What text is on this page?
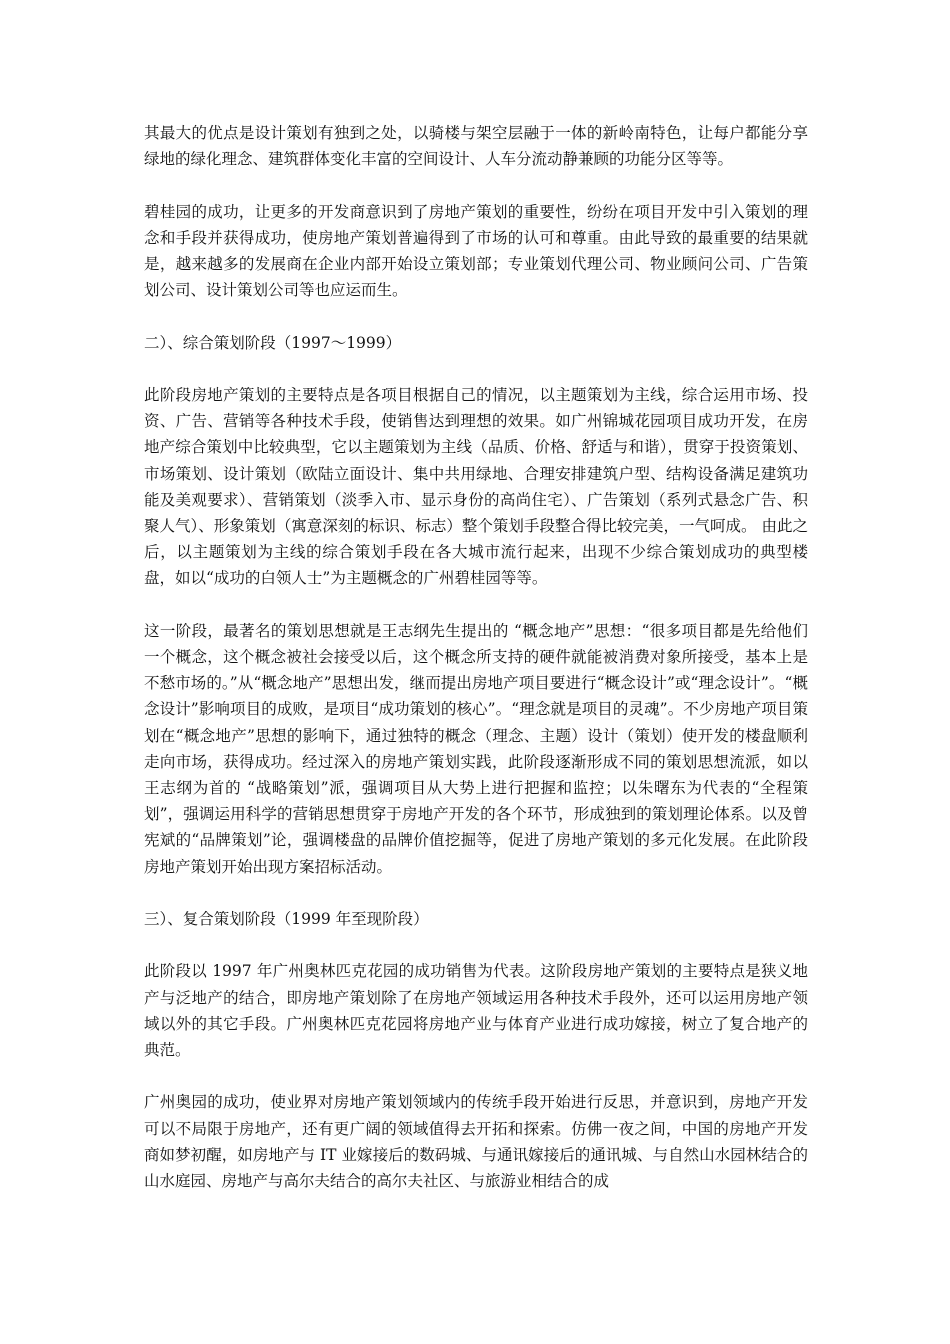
其最大的优点是设计策划有独到之处，以骑楼与架空层融于一体的新岭南特色，让每户都能分享绿地的绿化理念、建筑群体变化丰富的空间设计、人车分流动静兼顾的功能分区等等。

碧桂园的成功，让更多的开发商意识到了房地产策划的重要性，纷纷在项目开发中引入策划的理念和手段并获得成功，使房地产策划普遍得到了市场的认可和尊重。由此导致的最重要的结果就是，越来越多的发展商在企业内部开始设立策划部；专业策划代理公司、物业顾问公司、广告策划公司、设计策划公司等也应运而生。

二）、综合策划阶段（1997～1999）

此阶段房地产策划的主要特点是各项目根据自己的情况，以主题策划为主线，综合运用市场、投资、广告、营销等各种技术手段，使销售达到理想的效果。如广州锦城花园项目成功开发，在房地产综合策划中比较典型，它以主题策划为主线（品质、价格、舒适与和谐），贯穿于投资策划、市场策划、设计策划（欧陆立面设计、集中共用绿地、合理安排建筑户型、结构设备满足建筑功能及美观要求）、营销策划（淡季入市、显示身份的高尚住宅）、广告策划（系列式悬念广告、积聚人气）、形象策划（寓意深刻的标识、标志）整个策划手段整合得比较完美，一气呵成。 由此之后，以主题策划为主线的综合策划手段在各大城市流行起来，出现不少综合策划成功的典型楼盘，如以“成功的白领人士”为主题概念的广州碧桂园等等。

这一阶段，最著名的策划思想就是王志纲先生提出的 “概念地产”思想：“很多项目都是先给他们一个概念，这个概念被社会接受以后，这个概念所支持的硬件就能被消费对象所接受，基本上是不愁市场的。”从“概念地产”思想出发，继而提出房地产项目要进行“概念设计”或“理念设计”。“概念设计”影响项目的成败，是项目“成功策划的核心”。“理念就是项目的灵魂”。不少房地产项目策划在“概念地产”思想的影响下，通过独特的概念（理念、主题）设计（策划）使开发的楼盘顺利走向市场，获得成功。经过深入的房地产策划实践，此阶段逐渐形成不同的策划思想流派，如以王志纲为首的 “战略策划”派，强调项目从大势上进行把握和监控；以朱曙东为代表的“全程策划”，强调运用科学的营销思想贯穿于房地产开发的各个环节，形成独到的策划理论体系。以及曾宪斌的“品牌策划”论，强调楼盘的品牌价值挖掘等，促进了房地产策划的多元化发展。在此阶段房地产策划开始出现方案招标活动。

三）、复合策划阶段（1999 年至现阶段）

此阶段以 1997 年广州奥林匹克花园的成功销售为代表。这阶段房地产策划的主要特点是狭义地产与泛地产的结合，即房地产策划除了在房地产领域运用各种技术手段外，还可以运用房地产领域以外的其它手段。广州奥林匹克花园将房地产业与体育产业进行成功嫁接，树立了复合地产的典范。

广州奥园的成功，使业界对房地产策划领域内的传统手段开始进行反思，并意识到，房地产开发可以不局限于房地产，还有更广阔的领域值得去开拓和探索。仿佛一夜之间，中国的房地产开发商如梦初醒，如房地产与 IT 业嫁接后的数码城、与通讯嫁接后的通讯城、与自然山水园林结合的山水庭园、房地产与高尔夫结合的高尔夫社区、与旅游业相结合的成
